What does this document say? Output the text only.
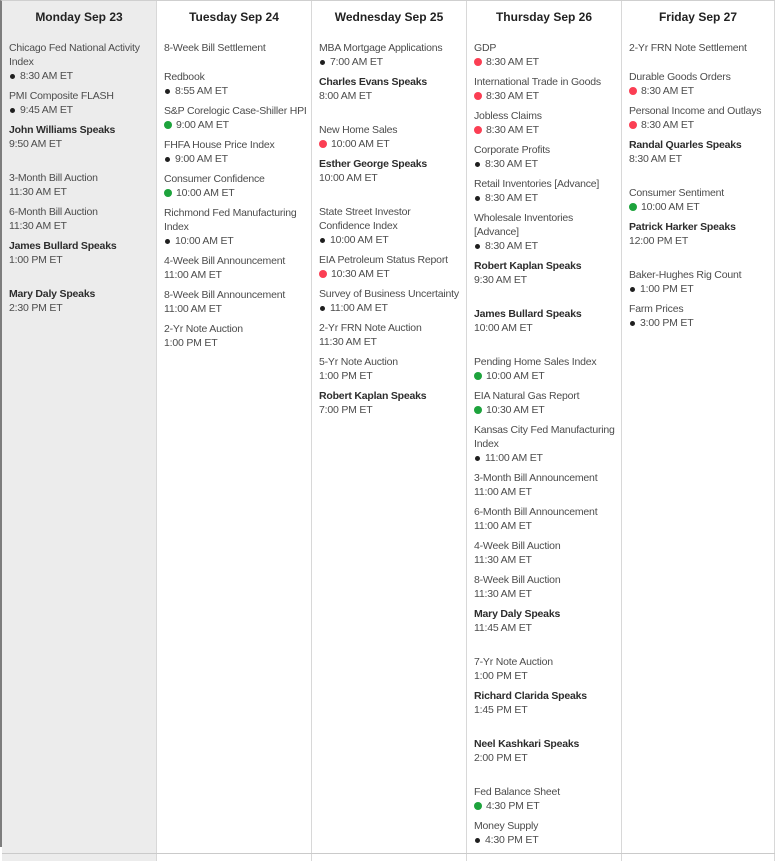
Monday Sep 23
Chicago Fed National Activity Index
8:30 AM ET
PMI Composite FLASH
9:45 AM ET
John Williams Speaks
9:50 AM ET
3-Month Bill Auction
11:30 AM ET
6-Month Bill Auction
11:30 AM ET
James Bullard Speaks
1:00 PM ET
Mary Daly Speaks
2:30 PM ET
Tuesday Sep 24
8-Week Bill Settlement
Redbook
8:55 AM ET
S&P Corelogic Case-Shiller HPI
9:00 AM ET
FHFA House Price Index
9:00 AM ET
Consumer Confidence
10:00 AM ET
Richmond Fed Manufacturing Index
10:00 AM ET
4-Week Bill Announcement
11:00 AM ET
8-Week Bill Announcement
11:00 AM ET
2-Yr Note Auction
1:00 PM ET
Wednesday Sep 25
MBA Mortgage Applications
7:00 AM ET
Charles Evans Speaks
8:00 AM ET
New Home Sales
10:00 AM ET
Esther George Speaks
10:00 AM ET
State Street Investor Confidence Index
10:00 AM ET
EIA Petroleum Status Report
10:30 AM ET
Survey of Business Uncertainty
11:00 AM ET
2-Yr FRN Note Auction
11:30 AM ET
5-Yr Note Auction
1:00 PM ET
Robert Kaplan Speaks
7:00 PM ET
Thursday Sep 26
GDP
8:30 AM ET
International Trade in Goods
8:30 AM ET
Jobless Claims
8:30 AM ET
Corporate Profits
8:30 AM ET
Retail Inventories [Advance]
8:30 AM ET
Wholesale Inventories [Advance]
8:30 AM ET
Robert Kaplan Speaks
9:30 AM ET
James Bullard Speaks
10:00 AM ET
Pending Home Sales Index
10:00 AM ET
EIA Natural Gas Report
10:30 AM ET
Kansas City Fed Manufacturing Index
11:00 AM ET
3-Month Bill Announcement
11:00 AM ET
6-Month Bill Announcement
11:00 AM ET
4-Week Bill Auction
11:30 AM ET
8-Week Bill Auction
11:30 AM ET
Mary Daly Speaks
11:45 AM ET
7-Yr Note Auction
1:00 PM ET
Richard Clarida Speaks
1:45 PM ET
Neel Kashkari Speaks
2:00 PM ET
Fed Balance Sheet
4:30 PM ET
Money Supply
4:30 PM ET
Friday Sep 27
2-Yr FRN Note Settlement
Durable Goods Orders
8:30 AM ET
Personal Income and Outlays
8:30 AM ET
Randal Quarles Speaks
8:30 AM ET
Consumer Sentiment
10:00 AM ET
Patrick Harker Speaks
12:00 PM ET
Baker-Hughes Rig Count
1:00 PM ET
Farm Prices
3:00 PM ET
